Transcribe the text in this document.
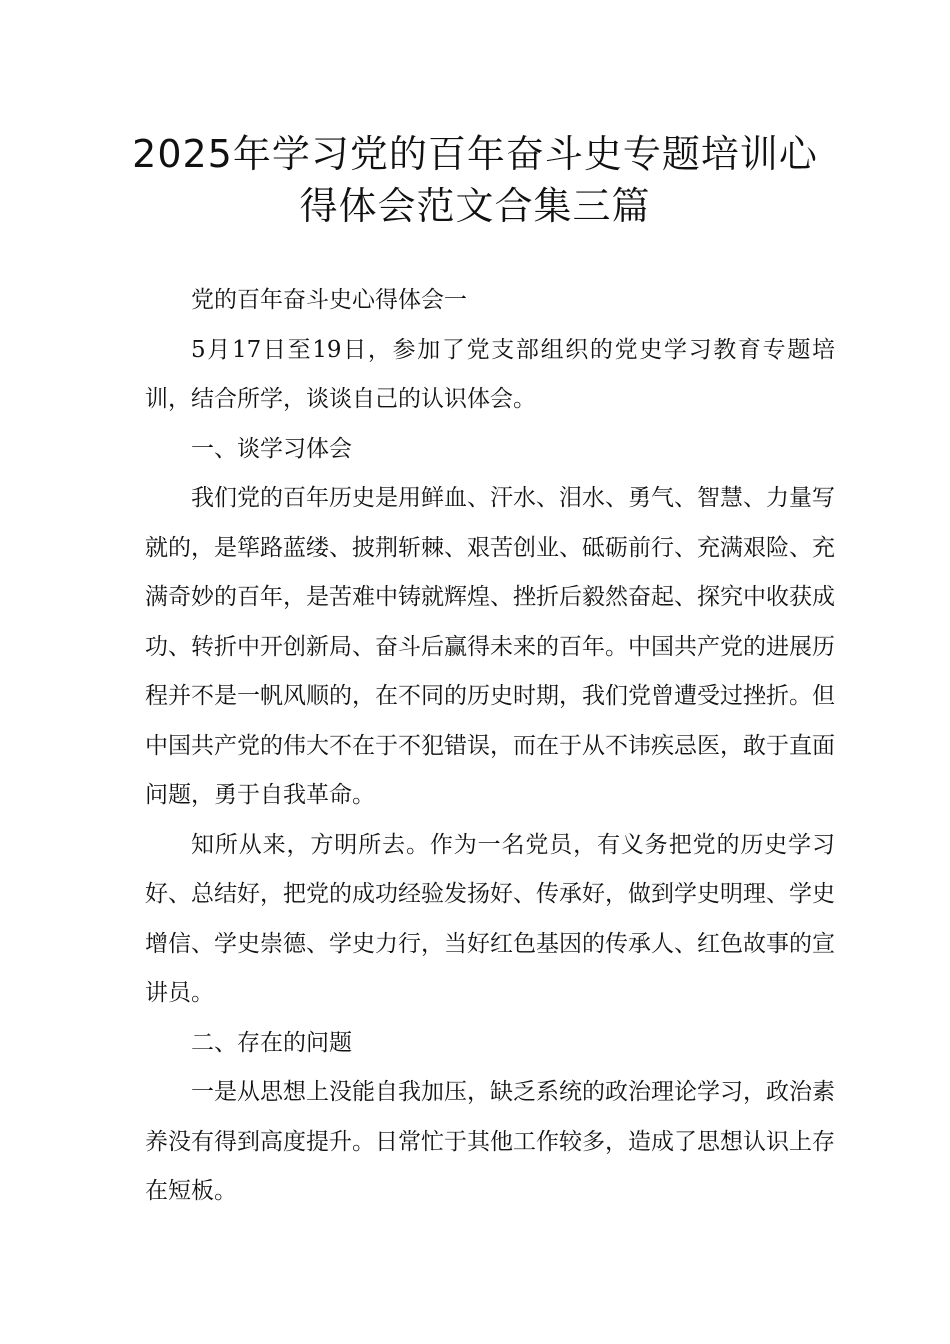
2025年学习党的百年奋斗史专题培训心
得体会范文合集三篇

党的百年奋斗史心得体会一

5月17日至19日，参加了党支部组织的党史学习教育专题培训，结合所学，谈谈自己的认识体会。

一、谈学习体会

我们党的百年历史是用鲜血、汗水、泪水、勇气、智慧、力量写就的，是筚路蓝缕、披荆斩棘、艰苦创业、砥砺前行、充满艰险、充满奇妙的百年，是苦难中铸就辉煌、挫折后毅然奋起、探究中收获成功、转折中开创新局、奋斗后赢得未来的百年。中国共产党的进展历程并不是一帆风顺的，在不同的历史时期，我们党曾遭受过挫折。但中国共产党的伟大不在于不犯错误，而在于从不讳疾忌医，敢于直面问题，勇于自我革命。

知所从来，方明所去。作为一名党员，有义务把党的历史学习好、总结好，把党的成功经验发扬好、传承好，做到学史明理、学史增信、学史崇德、学史力行，当好红色基因的传承人、红色故事的宣讲员。

二、存在的问题

一是从思想上没能自我加压，缺乏系统的政治理论学习，政治素养没有得到高度提升。日常忙于其他工作较多，造成了思想认识上存在短板。
